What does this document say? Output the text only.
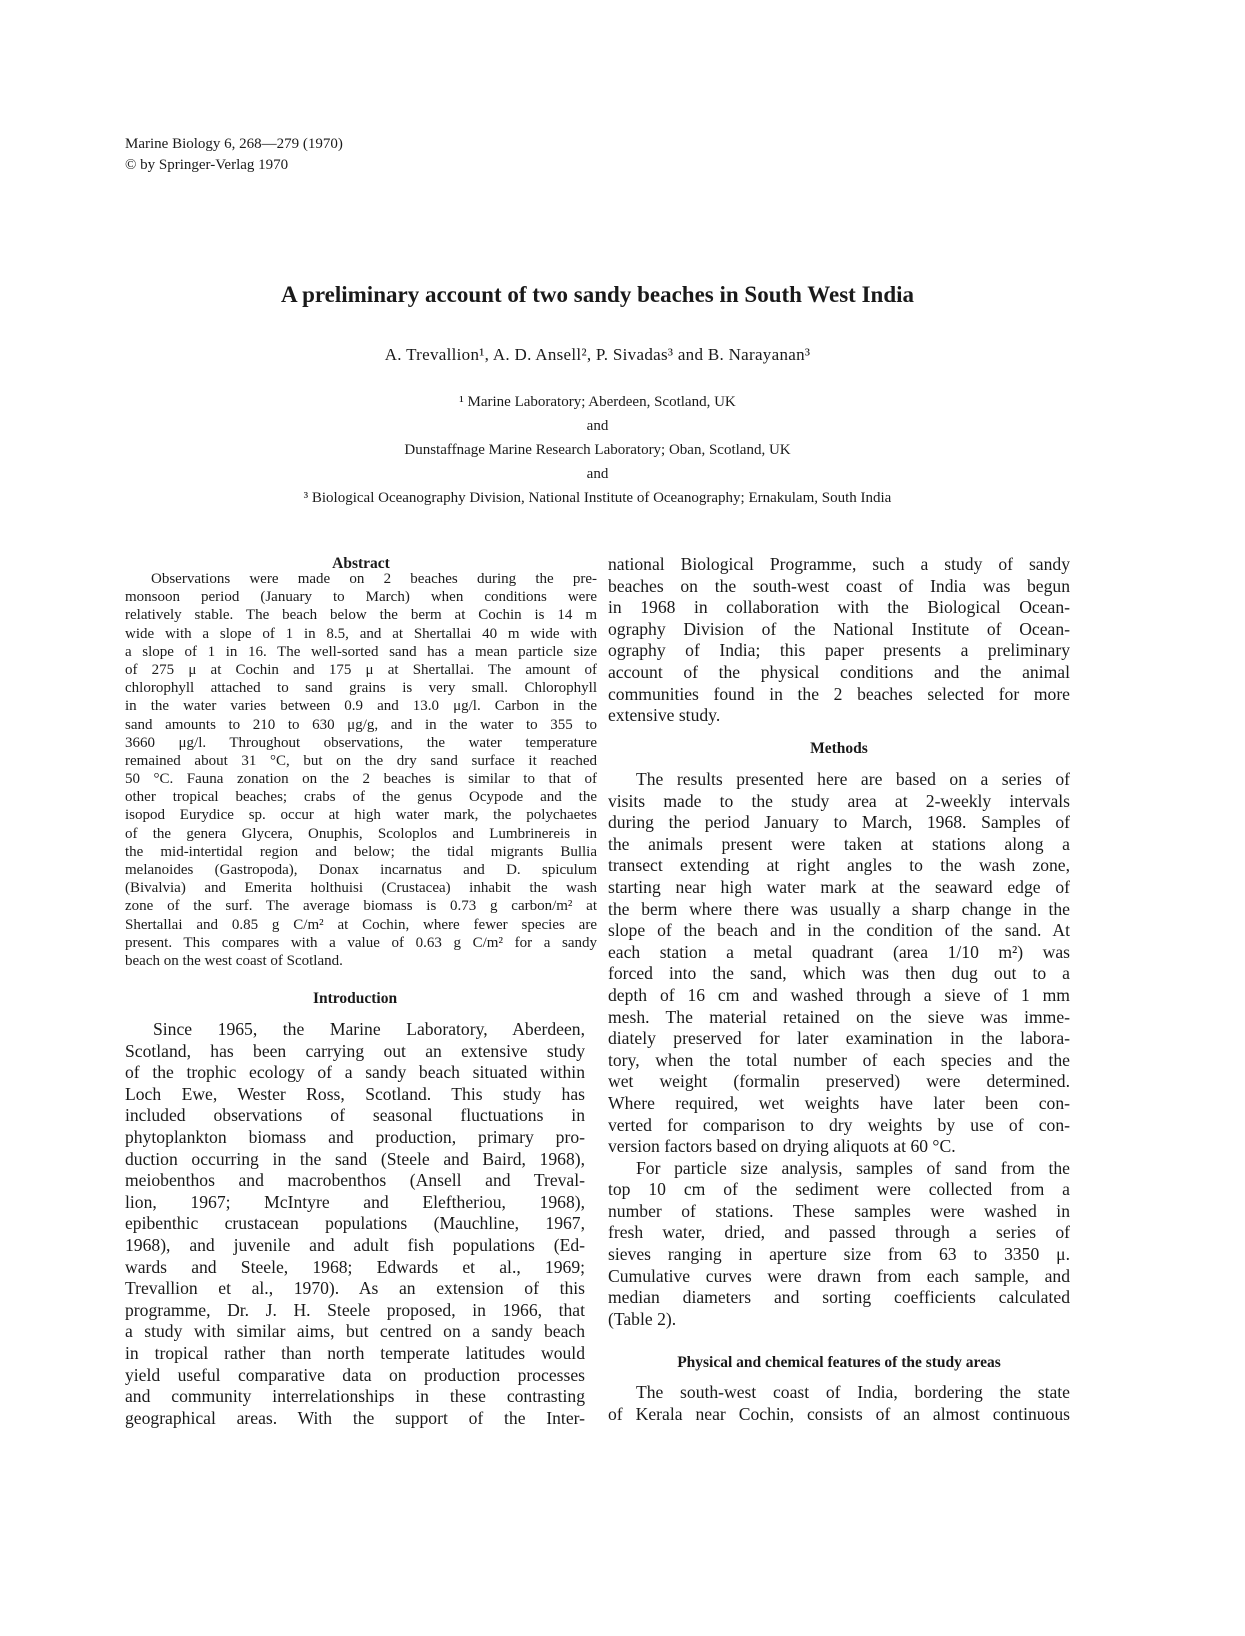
Marine Biology 6, 268—279 (1970)
© by Springer-Verlag 1970
A preliminary account of two sandy beaches in South West India
A. Trevallion¹, A. D. Ansell², P. Sivadas³ and B. Narayanan³
¹ Marine Laboratory; Aberdeen, Scotland, UK
and
Dunstaffnage Marine Research Laboratory; Oban, Scotland, UK
and
³ Biological Oceanography Division, National Institute of Oceanography; Ernakulam, South India
Abstract
Observations were made on 2 beaches during the pre-
monsoon period (January to March) when conditions were
relatively stable. The beach below the berm at Cochin is 14 m
wide with a slope of 1 in 8.5, and at Shertallai 40 m wide with
a slope of 1 in 16. The well-sorted sand has a mean particle size
of 275 μ at Cochin and 175 μ at Shertallai. The amount of
chlorophyll attached to sand grains is very small. Chlorophyll
in the water varies between 0.9 and 13.0 μg/l. Carbon in the
sand amounts to 210 to 630 μg/g, and in the water to 355 to
3660 μg/l. Throughout observations, the water temperature
remained about 31 °C, but on the dry sand surface it reached
50 °C. Fauna zonation on the 2 beaches is similar to that of
other tropical beaches; crabs of the genus Ocypode and the
isopod Eurydice sp. occur at high water mark, the polychaetes
of the genera Glycera, Onuphis, Scoloplos and Lumbrinereis in
the mid-intertidal region and below; the tidal migrants Bullia
melanoides (Gastropoda), Donax incarnatus and D. spiculum
(Bivalvia) and Emerita holthuisi (Crustacea) inhabit the wash
zone of the surf. The average biomass is 0.73 g carbon/m² at
Shertallai and 0.85 g C/m² at Cochin, where fewer species are
present. This compares with a value of 0.63 g C/m² for a sandy
beach on the west coast of Scotland.
Introduction
Since 1965, the Marine Laboratory, Aberdeen,
Scotland, has been carrying out an extensive study
of the trophic ecology of a sandy beach situated within
Loch Ewe, Wester Ross, Scotland. This study has
included observations of seasonal fluctuations in
phytoplankton biomass and production, primary pro-
duction occurring in the sand (Steele and Baird, 1968),
meiobenthos and macrobenthos (Ansell and Treval-
lion, 1967; McIntyre and Eleftheriou, 1968),
epibenthic crustacean populations (Mauchline, 1967,
1968), and juvenile and adult fish populations (Ed-
wards and Steele, 1968; Edwards et al., 1969;
Trevallion et al., 1970). As an extension of this
programme, Dr. J. H. Steele proposed, in 1966, that
a study with similar aims, but centred on a sandy beach
in tropical rather than north temperate latitudes would
yield useful comparative data on production processes
and community interrelationships in these contrasting
geographical areas. With the support of the Inter-
national Biological Programme, such a study of sandy
beaches on the south-west coast of India was begun
in 1968 in collaboration with the Biological Ocean-
ography Division of the National Institute of Ocean-
ography of India; this paper presents a preliminary
account of the physical conditions and the animal
communities found in the 2 beaches selected for more
extensive study.
Methods
The results presented here are based on a series of
visits made to the study area at 2-weekly intervals
during the period January to March, 1968. Samples of
the animals present were taken at stations along a
transect extending at right angles to the wash zone,
starting near high water mark at the seaward edge of
the berm where there was usually a sharp change in the
slope of the beach and in the condition of the sand. At
each station a metal quadrant (area 1/10 m²) was
forced into the sand, which was then dug out to a
depth of 16 cm and washed through a sieve of 1 mm
mesh. The material retained on the sieve was imme-
diately preserved for later examination in the labora-
tory, when the total number of each species and the
wet weight (formalin preserved) were determined.
Where required, wet weights have later been con-
verted for comparison to dry weights by use of con-
version factors based on drying aliquots at 60 °C.
For particle size analysis, samples of sand from the
top 10 cm of the sediment were collected from a
number of stations. These samples were washed in
fresh water, dried, and passed through a series of
sieves ranging in aperture size from 63 to 3350 μ.
Cumulative curves were drawn from each sample, and
median diameters and sorting coefficients calculated
(Table 2).
Physical and chemical features of the study areas
The south-west coast of India, bordering the state
of Kerala near Cochin, consists of an almost continuous
